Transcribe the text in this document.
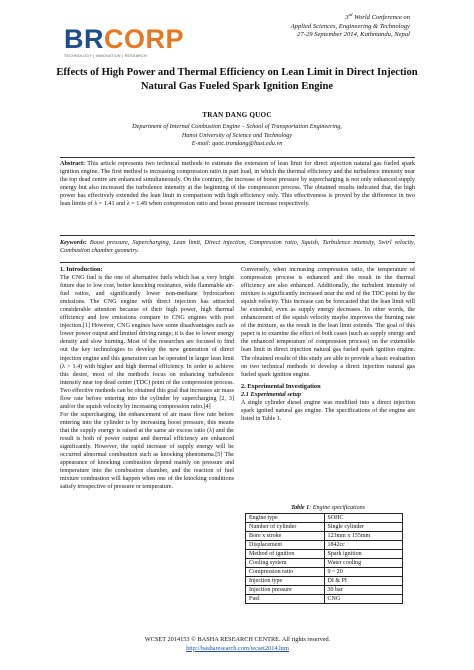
BRCORP
TECHNOLOGY | INNOVATION | RESEARCH
3rd World Conference on
Applied Sciences, Engineering & Technology
27-29 September 2014, Kathmandu, Nepal
Effects of High Power and Thermal Efficiency on Lean Limit in Direct Injection Natural Gas Fueled Spark Ignition Engine
TRAN DANG QUOC
Department of Internal Combustion Engine – School of Transportation Engineering,
Hanoi University of Science and Technology
E-mail: quoc.trandang@hust.edu.vn
Abstract: This article represents two technical methods to estimate the extension of lean limit for direct injection natural gas fueled spark ignition engine. The first method is increasing compression ratio in part load, in which the thermal efficiency and the turbulence intensity near the top dead centre are enhanced simultaneously. On the contrary, the increase of boost pressure by supercharging is not only enhanced supply energy but also increased the turbulence intensity at the beginning of the compression process. The obtained results indicated that, the high power has effectively extended the lean limit in comparison with high efficiency only. This effectiveness is proved by the difference in two lean limits of λ = 1.41 and λ = 1.49 when compression ratio and boost pressure increase respectively.
Keywords: Boost pressure, Supercharging, Lean limit, Direct injection, Compression ratio, Squish, Turbulence intensity, Swirl velocity, Combustion chamber geometry.
1. Introduction:

The CNG fuel is the one of alternative fuels which has a very bright future due to low cost, better knocking resistance, wide flammable air-fuel ratios, and significantly lower non-methane hydrocarbon emissions. The CNG engine with direct injection has attracted considerable attention because of their high power, high thermal efficiency and low emissions compare to CNG engines with port injection.[1] However, CNG engines have some disadvantages such as lower power output and limited driving range; it is due to lower energy density and slow burning. Most of the researches are focused to find out the key technologies to develop the new generation of direct injection engine and this generation can be operated in larger lean limit (λ > 1.4) with higher and high thermal efficiency. In order to achieve this desire, most of the methods focus on enhancing turbulence intensity near top dead center (TDC) point of the compression process. Two effective methods can be obtained this goal that increases air mass flow rate before entering into the cylinder by supercharging [2, 3] and/or the squish velocity by increasing compression ratio.[4]

For the supercharging, the enhancement of air mass flow rate before entering into the cylinder is by increasing boost pressure, this means that the supply energy is raised at the same air excess ratio (λ) and the result is both of power output and thermal efficiency are enhanced significantly. However, the rapid increase of supply energy will be occurred abnormal combustion such as knocking phenomena.[5] The appearance of knocking combustion depend mainly on pressure and temperature into the combustion chamber, and the reaction of fuel mixture combustion will happen when one of the knocking conditions satisfy irrespective of pressure or temperature.

Conversely, when increasing compression ratio, the temperature of compression process is enhanced and the result in the thermal efficiency are also enhanced. Additionally, the turbulent intensity of mixture is significantly increased near the end of the TDC point by the squish velocity. This increase can be forecasted that the lean limit will be extended, even as supply energy decreases. In other words, the enhancement of the squish velocity maybe improves the burning rate of the mixture, as the result in the lean limit extends. The goal of this paper is to examine the effect of both cases (such as supply energy and the enhanced temperature of compression process) on the extensible lean limit in direct injection natural gas fueled spark ignition engine. The obtained results of this study are able to provide a basic evaluation on two technical methods to develop a direct injection natural gas fueled spark ignition engine.

2. Experimental Investigation
2.1 Experimental setup

A single cylinder diesel engine was modified into a direct injection spark ignited natural gas engine. The specifications of the engine are listed in Table 1.

Table 1: Engine specifications
Engine type	SOHC
Number of cylinder	Single cylinder
Bore x stroke	123mm x 155mm
Displacement	1842cc
Method of ignition	Spark ignition
Cooling system	Water cooling
Compression ratio	9 ~ 20
Injection type	DI & PI
Injection pressure	30 bar
Fuel	CNG
WCSET 2014153 © BASHA RESEARCH CENTRE. All rights reserved.
http://basharesearch.com/wcset2014.htm
